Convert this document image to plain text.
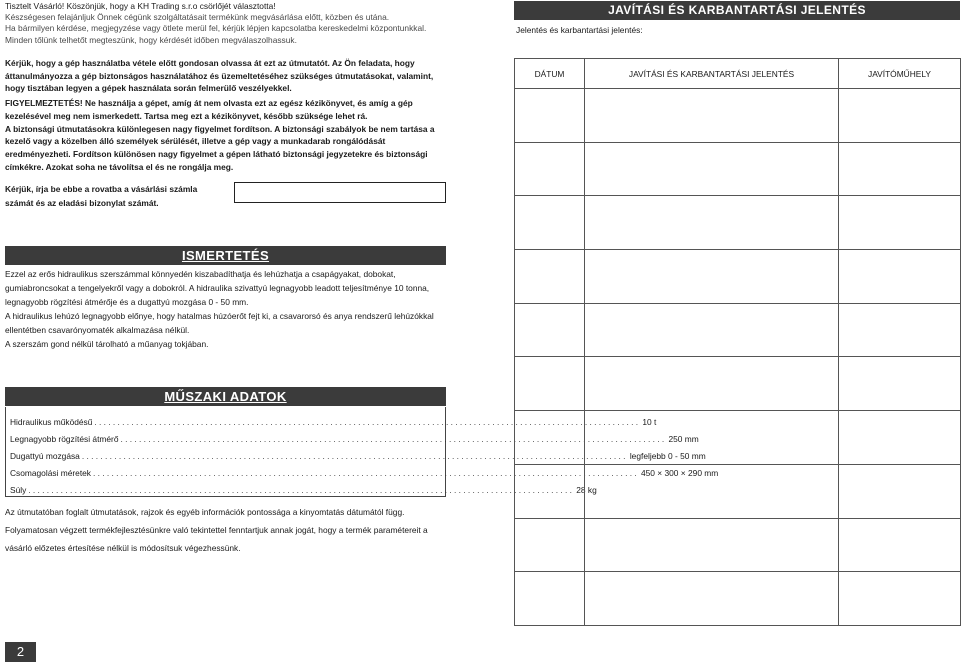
Tisztelt Vásárló! Köszönjük, hogy a KH Trading s.r.o csörlőjét választotta!

Készségesen felajánljuk Önnek cégünk szolgáltatásait termékünk megvásárlása előtt, közben és utána.

Ha bármilyen kérdése, megjegyzése vagy ötlete merül fel, kérjük lépjen kapcsolatba kereskedelmi központunkkal.

Minden tőlünk telhetőt megteszünk, hogy kérdését időben megválaszolhassuk.

Kérjük, hogy a gép használatba vétele előtt gondosan olvassa át ezt az útmutatót. Az Ön feladata, hogy áttanulmányozza a gép biztonságos használatához és üzemeltetéséhez szükséges útmutatásokat, valamint, hogy tisztában legyen a gépek használata során felmerülő veszélyekkel.

FIGYELMEZTETÉS! Ne használja a gépet, amíg át nem olvasta ezt az egész kézikönyvet, és amíg a gép kezelésével meg nem ismerkedett. Tartsa meg ezt a kézikönyvet, később szüksége lehet rá.

A biztonsági útmutatásokra különlegesen nagy figyelmet fordítson. A biztonsági szabályok be nem tartása a kezelő vagy a közelben álló személyek sérülését, illetve a gép vagy a munkadarab rongálódását eredményezheti. Fordítson különösen nagy figyelmet a gépen látható biztonsági jegyzetekre és biztonsági címkékre. Azokat soha ne távolítsa el és ne rongálja meg.

Kérjük, írja be ebbe a rovatba a vásárlási számla
számát és az eladási bizonylat számát.
ISMERTETÉS

Ezzel az erős hidraulikus szerszámmal könnyedén kiszabadíthatja és lehúzhatja a csapágyakat, dobokat, gumiabroncsokat a tengelyekről vagy a dobokról. A hidraulika szivattyú legnagyobb leadott teljesítménye 10 tonna, legnagyobb rögzítési átmérője és a dugattyú mozgása 0 - 50 mm.

A hidraulikus lehúzó legnagyobb előnye, hogy hatalmas húzóerőt fejt ki, a csavarorsó és anya rendszerű lehúzókkal ellentétben csavarónyomaték alkalmazása nélkül.

A szerszám gond nélkül tárolható a műanyag tokjában.

MŰSZAKI ADATOK
Hidraulikus működésű ...................................................................................................................... 10 t
Legnagyobb rögzítési átmérő ...................................................................................................................... 250 mm
Dugattyú mozgása ...................................................................................................................... legfeljebb 0 - 50 mm
Csomagolási méretek ...................................................................................................................... 450 × 300 × 290 mm
Súly ...................................................................................................................... 28 kg

Az útmutatóban foglalt útmutatások, rajzok és egyéb információk pontossága a kinyomtatás dátumától függ.

Folyamatosan végzett termékfejlesztésünkre való tekintettel fenntartjuk annak jogát, hogy a termék paramétereit a vásárló előzetes értesítése nélkül is módosítsuk végezhessünk.

2
JAVÍTÁSI ÉS KARBANTARTÁSI JELENTÉS
Jelentés és karbantartási jelentés:
DÁTUM	JAVÍTÁSI ÉS KARBANTARTÁSI JELENTÉS	JAVÍTÓMŰHELY
